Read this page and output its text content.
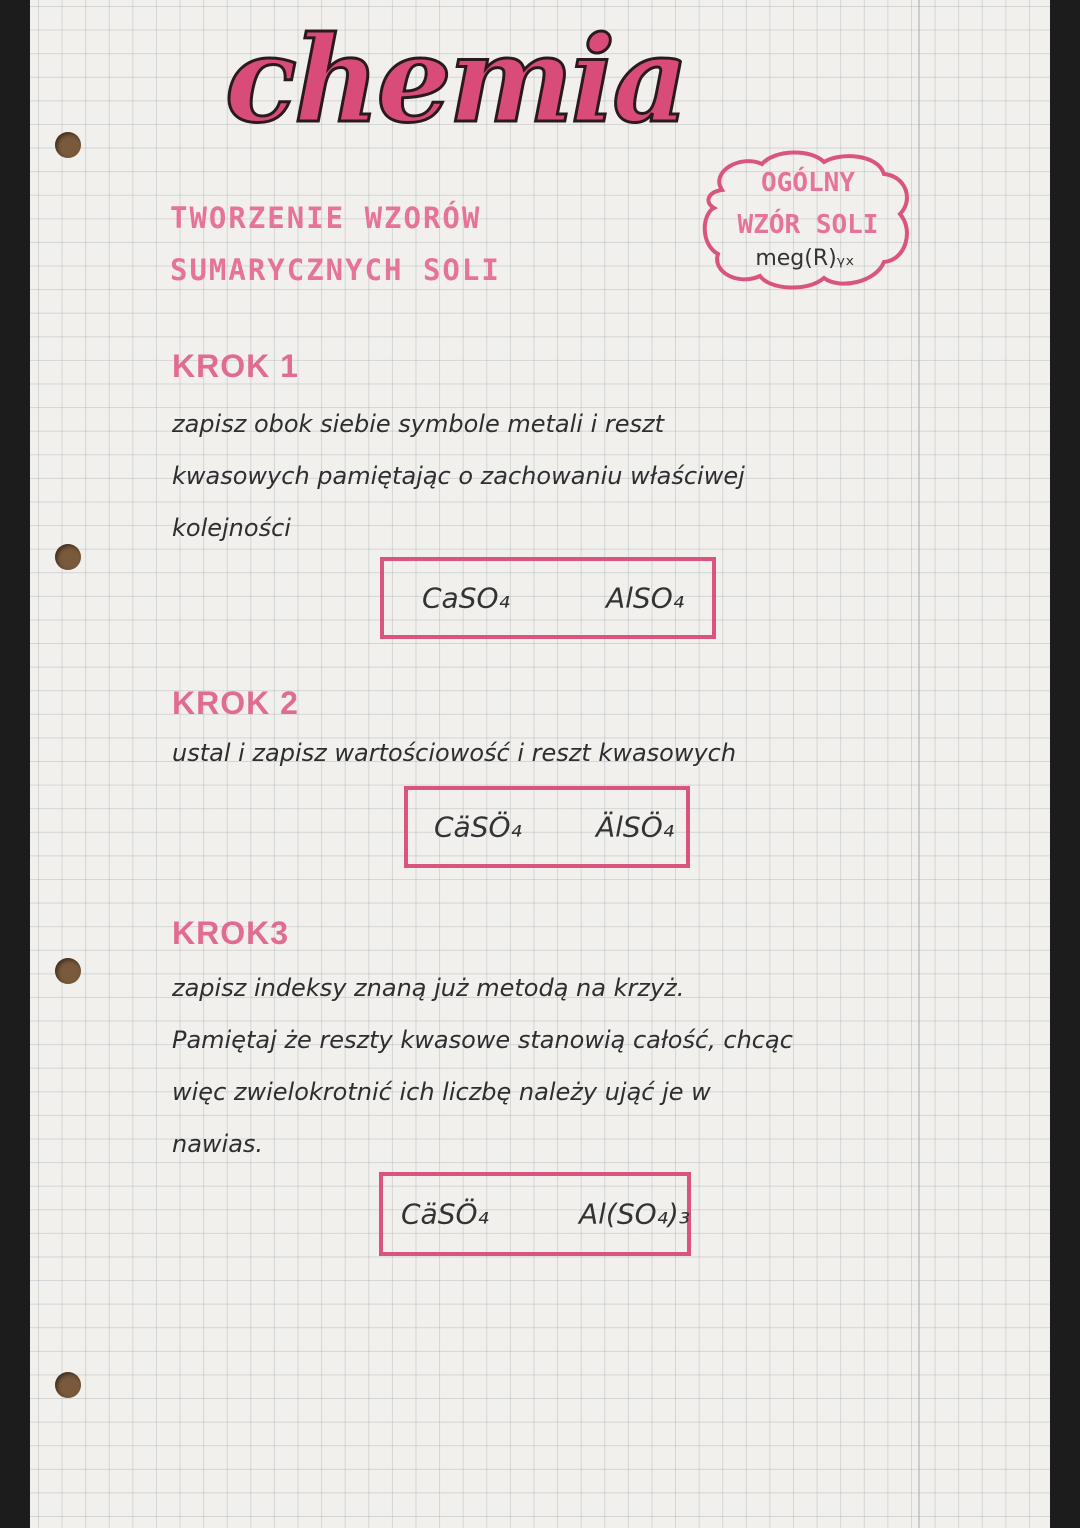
chemia
TWORZENIE WZORÓW
SUMARYCZNYCH SOLI
OGÓLNY
WZÓR SOLI
meg(R)ᵧₓ
KROK 1
zapisz obok siebie symbole metali i reszt
kwasowych pamiętając o zachowaniu właściwej
kolejności
CaSO₄	AlSO₄
KROK 2
ustal i zapisz wartościowość i reszt kwasowych
CäSÖ₄	ÄlSÖ₄
KROK3
zapisz indeksy znaną już metodą na krzyż.
Pamiętaj że reszty kwasowe stanowią całość, chcąc
więc zwielokrotnić ich liczbę należy ująć je w
nawias.
CäSÖ₄	Al(SO₄)₃
